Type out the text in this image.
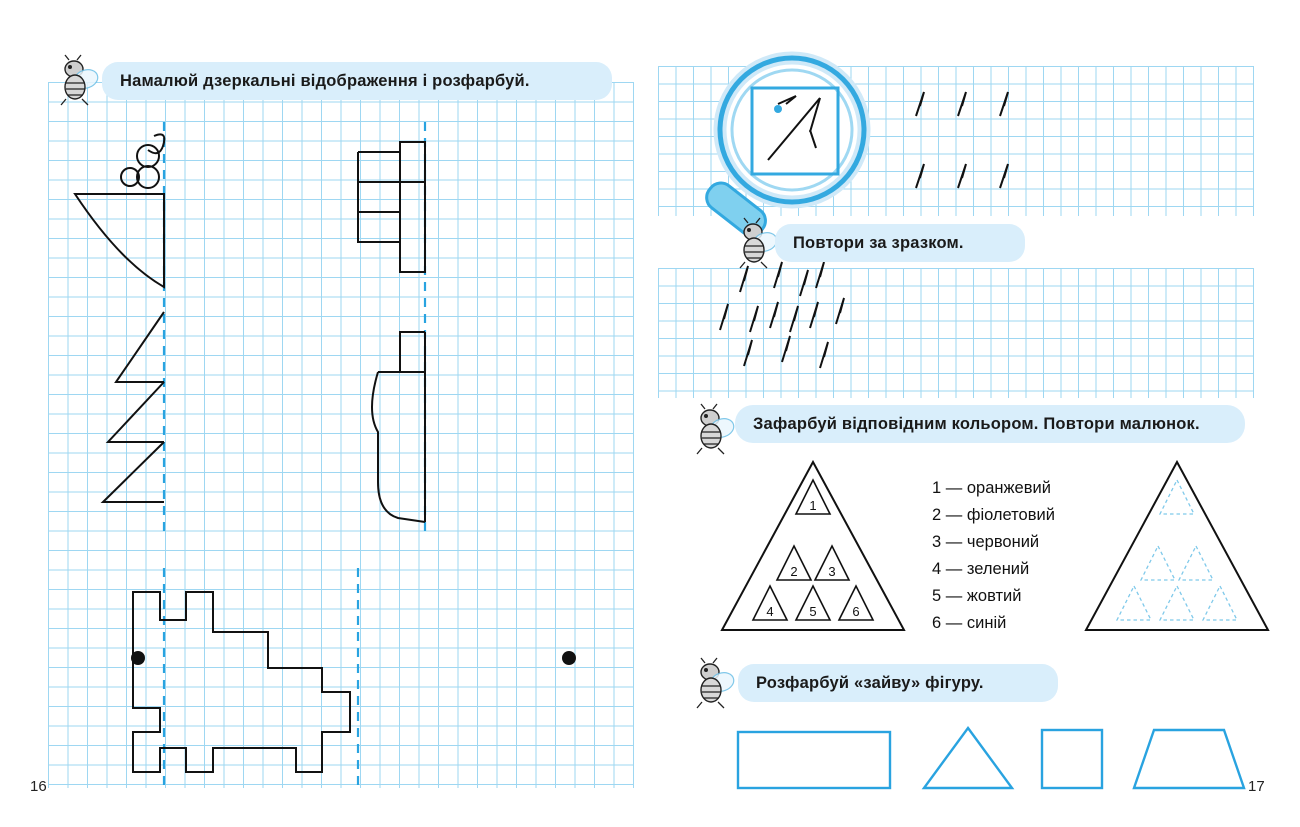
Намалюй дзеркальні відображення і розфарбуй.
16
Повтори за зразком.
Зафарбуй відповідним кольором. Повтори малюнок.
1
2 3
4	5	6
1 — оранжевий
2 — фіолетовий
3 — червоний
4 — зелений
5 — жовтий
6 — синій
Розфарбуй «зайву» фігуру.
17
